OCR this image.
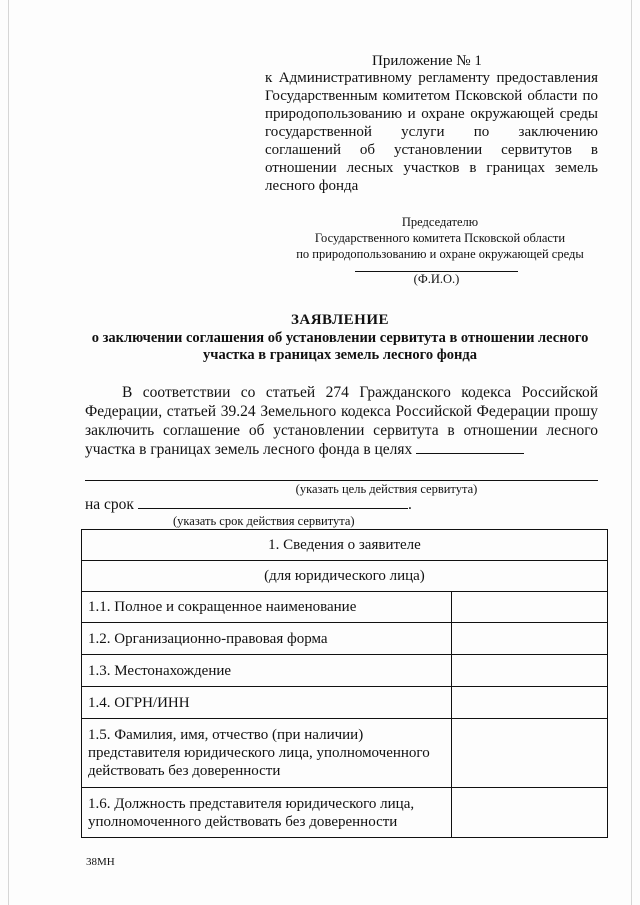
Приложение № 1
к Административному регламенту предоставления Государственным комитетом Псковской области по природопользованию и охране окружающей среды государственной услуги по заключению соглашений об установлении сервитутов в отношении лесных участков в границах земель лесного фонда
Председателю
Государственного комитета Псковской области
по природопользованию и охране окружающей среды
(Ф.И.О.)
ЗАЯВЛЕНИЕ
о заключении соглашения об установлении сервитута в отношении лесного участка в границах земель лесного фонда
В соответствии со статьей 274 Гражданского кодекса Российской Федерации, статьей 39.24 Земельного кодекса Российской Федерации прошу заключить соглашение об установлении сервитута в отношении лесного участка в границах земель лесного фонда в целях
(указать цель действия сервитута)
на срок	.
(указать срок действия сервитута)
1. Сведения о заявителе	
(для юридического лица)	
1.1. Полное и сокращенное наименование	
1.2. Организационно-правовая форма	
1.3. Местонахождение	
1.4. ОГРН/ИНН	
1.5. Фамилия, имя, отчество (при наличии) представителя юридического лица, уполномоченного действовать без доверенности	
1.6. Должность представителя юридического лица, уполномоченного действовать без доверенности	
38МН
